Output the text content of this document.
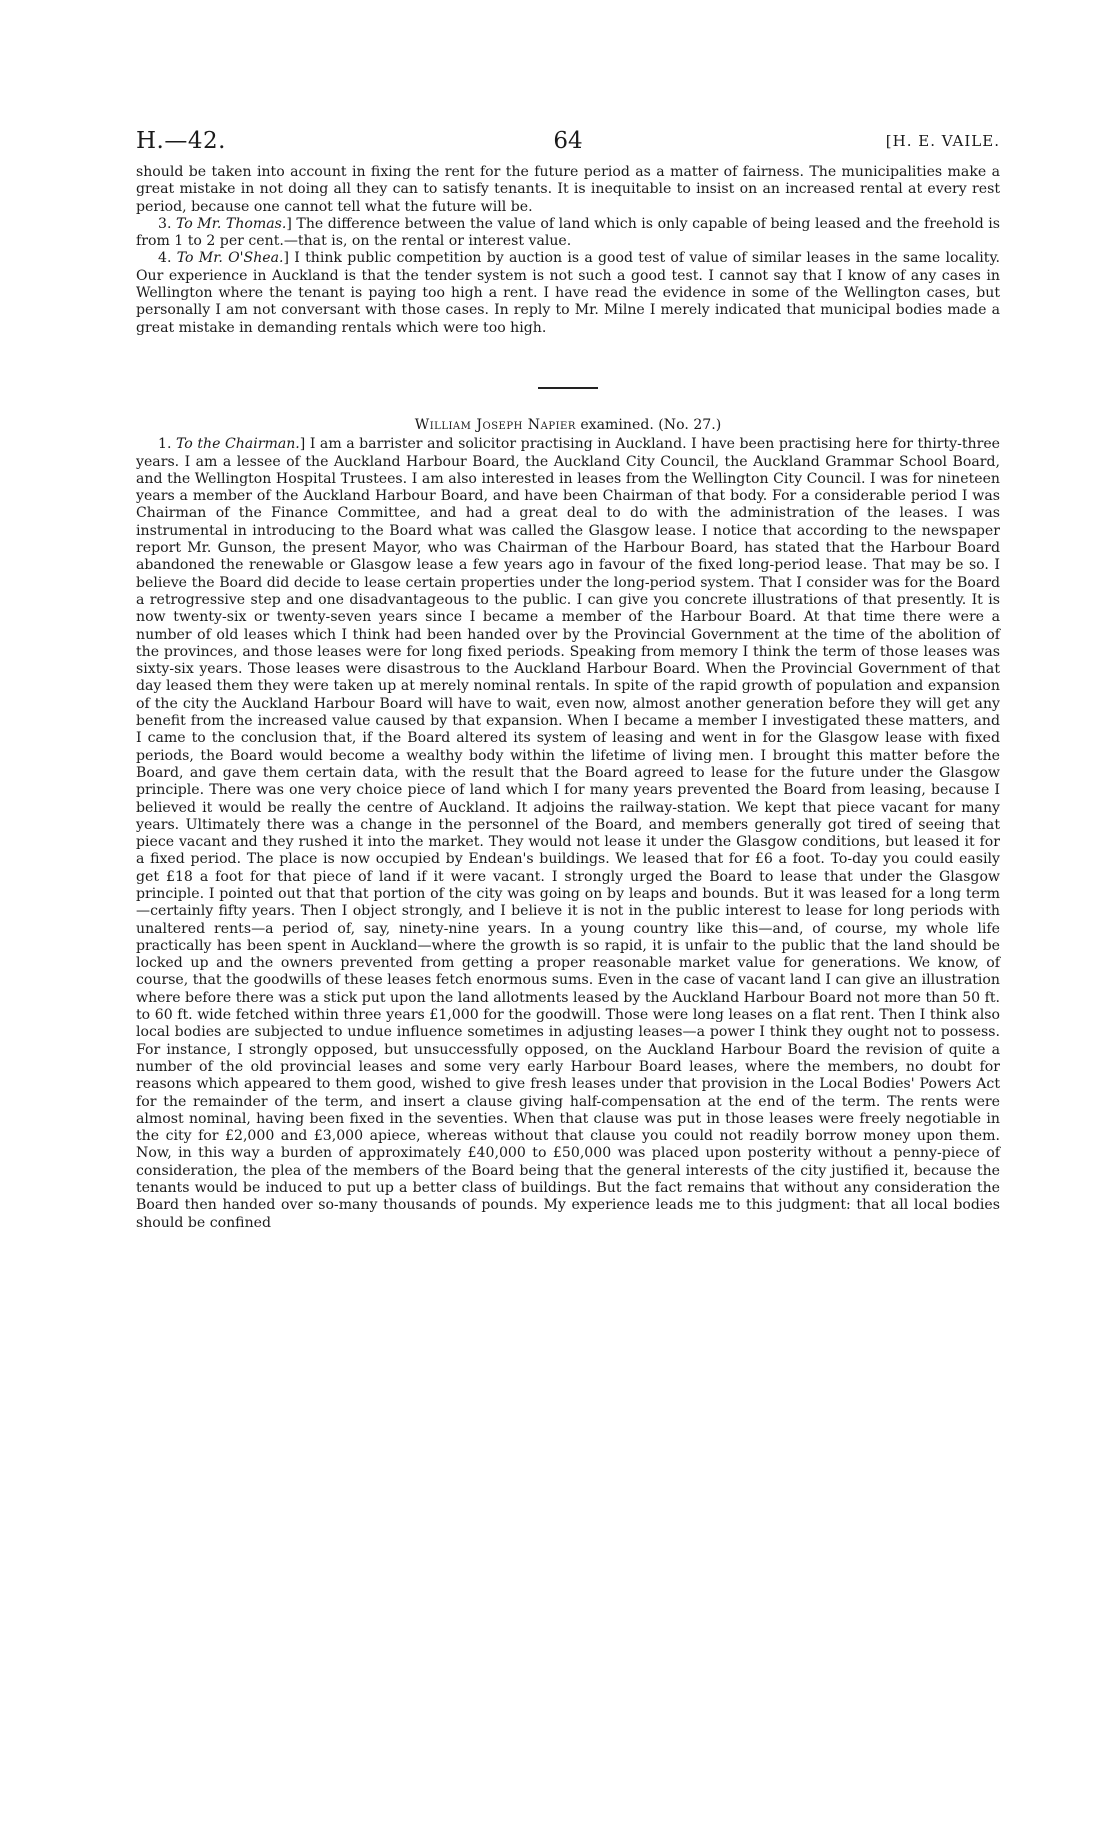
H.—42.	64	[H. E. VAILE.

should be taken into account in fixing the rent for the future period as a matter of fairness. The municipalities make a great mistake in not doing all they can to satisfy tenants. It is inequitable to insist on an increased rental at every rest period, because one cannot tell what the future will be.

3. To Mr. Thomas.] The difference between the value of land which is only capable of being leased and the freehold is from 1 to 2 per cent.—that is, on the rental or interest value.

4. To Mr. O'Shea.] I think public competition by auction is a good test of value of similar leases in the same locality. Our experience in Auckland is that the tender system is not such a good test. I cannot say that I know of any cases in Wellington where the tenant is paying too high a rent. I have read the evidence in some of the Wellington cases, but personally I am not conversant with those cases. In reply to Mr. Milne I merely indicated that municipal bodies made a great mistake in demanding rentals which were too high.

William Joseph Napier examined. (No. 27.)

1. To the Chairman.] I am a barrister and solicitor practising in Auckland. I have been practising here for thirty-three years. I am a lessee of the Auckland Harbour Board, the Auckland City Council, the Auckland Grammar School Board, and the Wellington Hospital Trustees. I am also interested in leases from the Wellington City Council. I was for nineteen years a member of the Auckland Harbour Board, and have been Chairman of that body. For a considerable period I was Chairman of the Finance Committee, and had a great deal to do with the administration of the leases. I was instrumental in introducing to the Board what was called the Glasgow lease. I notice that according to the newspaper report Mr. Gunson, the present Mayor, who was Chairman of the Harbour Board, has stated that the Harbour Board abandoned the renewable or Glasgow lease a few years ago in favour of the fixed long-period lease. That may be so. I believe the Board did decide to lease certain properties under the long-period system. That I consider was for the Board a retrogressive step and one disadvantageous to the public. I can give you concrete illustrations of that presently. It is now twenty-six or twenty-seven years since I became a member of the Harbour Board. At that time there were a number of old leases which I think had been handed over by the Provincial Government at the time of the abolition of the provinces, and those leases were for long fixed periods. Speaking from memory I think the term of those leases was sixty-six years. Those leases were disastrous to the Auckland Harbour Board. When the Provincial Government of that day leased them they were taken up at merely nominal rentals. In spite of the rapid growth of population and expansion of the city the Auckland Harbour Board will have to wait, even now, almost another generation before they will get any benefit from the increased value caused by that expansion. When I became a member I investigated these matters, and I came to the conclusion that, if the Board altered its system of leasing and went in for the Glasgow lease with fixed periods, the Board would become a wealthy body within the lifetime of living men. I brought this matter before the Board, and gave them certain data, with the result that the Board agreed to lease for the future under the Glasgow principle. There was one very choice piece of land which I for many years prevented the Board from leasing, because I believed it would be really the centre of Auckland. It adjoins the railway-station. We kept that piece vacant for many years. Ultimately there was a change in the personnel of the Board, and members generally got tired of seeing that piece vacant and they rushed it into the market. They would not lease it under the Glasgow conditions, but leased it for a fixed period. The place is now occupied by Endean's buildings. We leased that for £6 a foot. To-day you could easily get £18 a foot for that piece of land if it were vacant. I strongly urged the Board to lease that under the Glasgow principle. I pointed out that that portion of the city was going on by leaps and bounds. But it was leased for a long term—certainly fifty years. Then I object strongly, and I believe it is not in the public interest to lease for long periods with unaltered rents—a period of, say, ninety-nine years. In a young country like this—and, of course, my whole life practically has been spent in Auckland—where the growth is so rapid, it is unfair to the public that the land should be locked up and the owners prevented from getting a proper reasonable market value for generations. We know, of course, that the goodwills of these leases fetch enormous sums. Even in the case of vacant land I can give an illustration where before there was a stick put upon the land allotments leased by the Auckland Harbour Board not more than 50 ft. to 60 ft. wide fetched within three years £1,000 for the goodwill. Those were long leases on a flat rent. Then I think also local bodies are subjected to undue influence sometimes in adjusting leases—a power I think they ought not to possess. For instance, I strongly opposed, but unsuccessfully opposed, on the Auckland Harbour Board the revision of quite a number of the old provincial leases and some very early Harbour Board leases, where the members, no doubt for reasons which appeared to them good, wished to give fresh leases under that provision in the Local Bodies' Powers Act for the remainder of the term, and insert a clause giving half-compensation at the end of the term. The rents were almost nominal, having been fixed in the seventies. When that clause was put in those leases were freely negotiable in the city for £2,000 and £3,000 apiece, whereas without that clause you could not readily borrow money upon them. Now, in this way a burden of approximately £40,000 to £50,000 was placed upon posterity without a penny-piece of consideration, the plea of the members of the Board being that the general interests of the city justified it, because the tenants would be induced to put up a better class of buildings. But the fact remains that without any consideration the Board then handed over so-many thousands of pounds. My experience leads me to this judgment: that all local bodies should be confined
